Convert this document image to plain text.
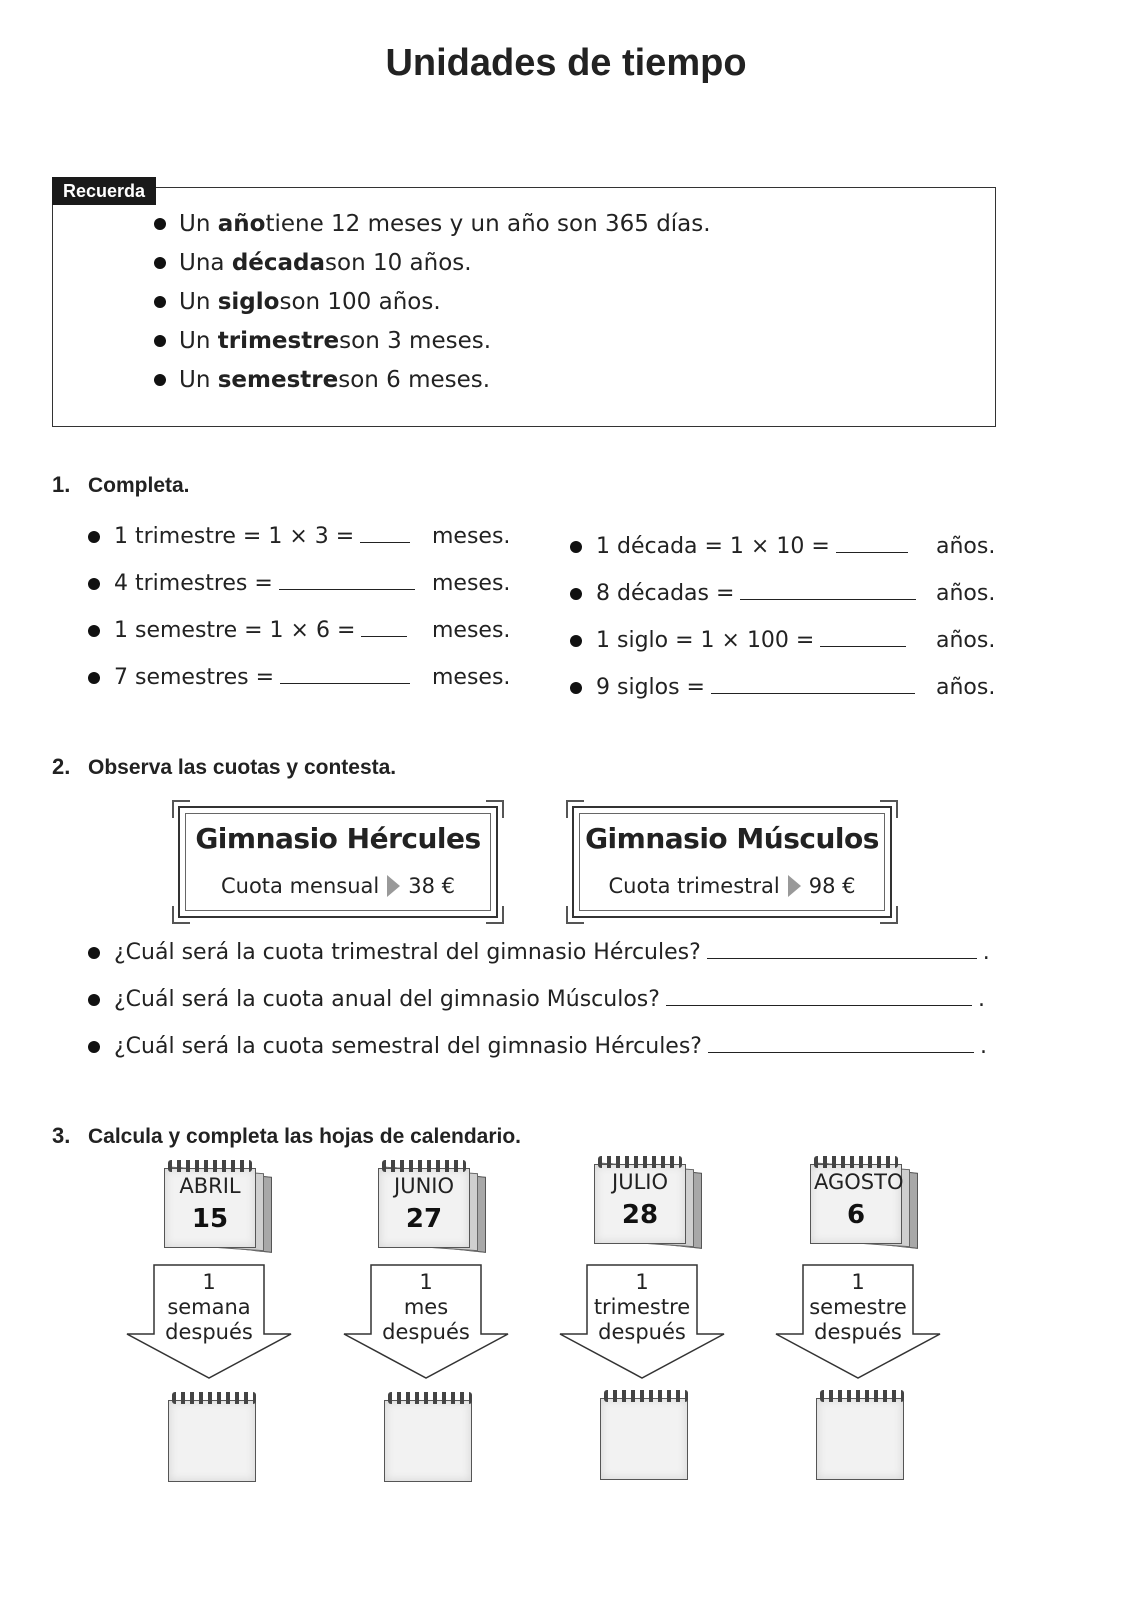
Unidades de tiempo
Recuerda
Un
año tiene 12 meses y un año son 365 días.
Una
década son 10 años.
Un
siglo son 100 años.
Un
trimestre son 3 meses.
Un
semestre son 6 meses.
1. Completa.
1 trimestre = 1 × 3 =	meses.
4 trimestres =	meses.
1 semestre = 1 × 6 =	meses.
7 semestres =	meses.
1 década = 1 × 10 =	años.
8 décadas =	años.
1 siglo = 1 × 100 =	años.
9 siglos =	años.
2. Observa las cuotas y contesta.
Gimnasio Hércules
Cuota mensual 38 €
Gimnasio Músculos
Cuota trimestral 98 €
¿Cuál será la cuota trimestral del gimnasio Hércules?	.
¿Cuál será la cuota anual del gimnasio Músculos?	.
¿Cuál será la cuota semestral del gimnasio Hércules?	.
3. Calcula y completa las hojas de calendario.
ABRIL
15
JUNIO
27
JULIO
28
AGOSTO
6
1
semana
después
1
mes
después
1
trimestre
después
1
semestre
después
